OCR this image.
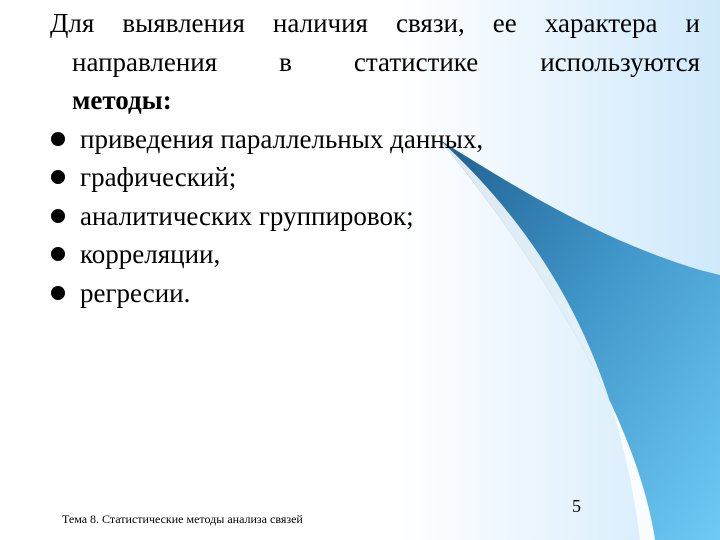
Для выявления наличия связи, ее характера и направления в статистике используются

методы:

приведения параллельных данных,
графический;
аналитических группировок;
корреляции,
регресии.
5
Тема 8. Статистические методы анализа связей
